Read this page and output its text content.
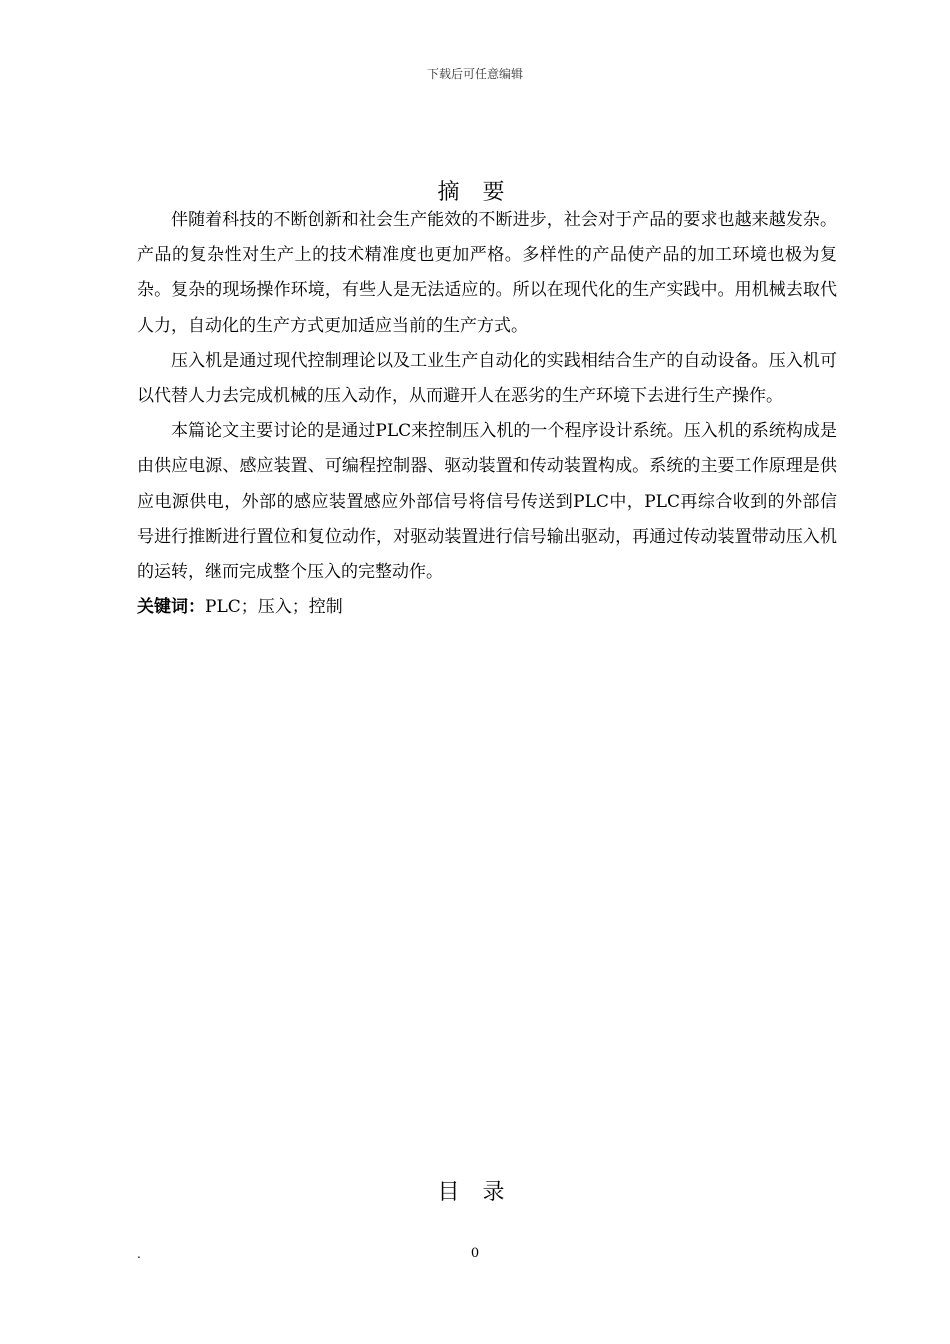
下载后可任意编辑
摘 要

伴随着科技的不断创新和社会生产能效的不断进步，社会对于产品的要求也越来越发杂。产品的复杂性对生产上的技术精准度也更加严格。多样性的产品使产品的加工环境也极为复杂。复杂的现场操作环境，有些人是无法适应的。所以在现代化的生产实践中。用机械去取代人力，自动化的生产方式更加适应当前的生产方式。

压入机是通过现代控制理论以及工业生产自动化的实践相结合生产的自动设备。压入机可以代替人力去完成机械的压入动作，从而避开人在恶劣的生产环境下去进行生产操作。

本篇论文主要讨论的是通过PLC来控制压入机的一个程序设计系统。压入机的系统构成是由供应电源、感应装置、可编程控制器、驱动装置和传动装置构成。系统的主要工作原理是供应电源供电，外部的感应装置感应外部信号将信号传送到PLC中，PLC再综合收到的外部信号进行推断进行置位和复位动作，对驱动装置进行信号输出驱动，再通过传动装置带动压入机的运转，继而完成整个压入的完整动作。

关键词：PLC；压入；控制

目 录
.	0
